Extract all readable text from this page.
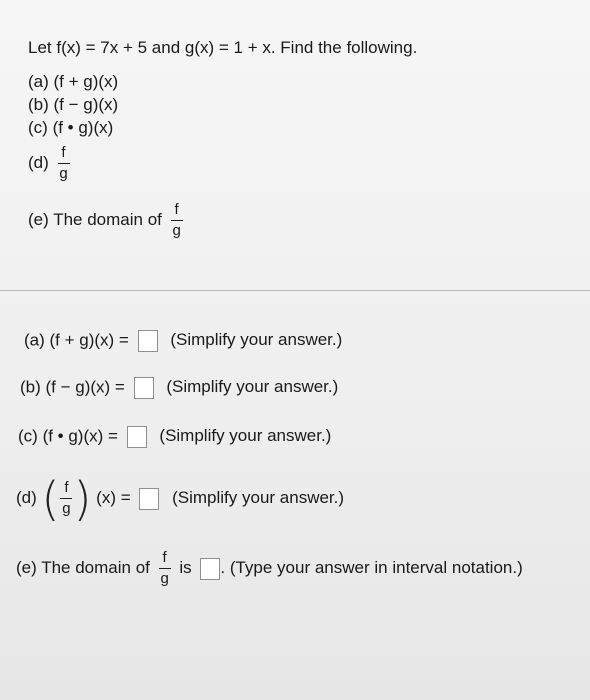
Let f(x) = 7x + 5 and g(x) = 1 + x. Find the following.
(a) (f + g)(x)
(b) (f − g)(x)
(c) (f • g)(x)
$(d) \frac{f}{g}$
(e) The domain of $\frac{f}{g}$
(a) (f + g)(x) = (Simplify your answer.)
(b) (f − g)(x) = (Simplify your answer.)
(c) (f • g)(x) = (Simplify your answer.)
(d) ( $\frac{f}{g}$ ) (x) = (Simplify your answer.)
(e) The domain of $\frac{f}{g}$ is . (Type your answer in interval notation.)
